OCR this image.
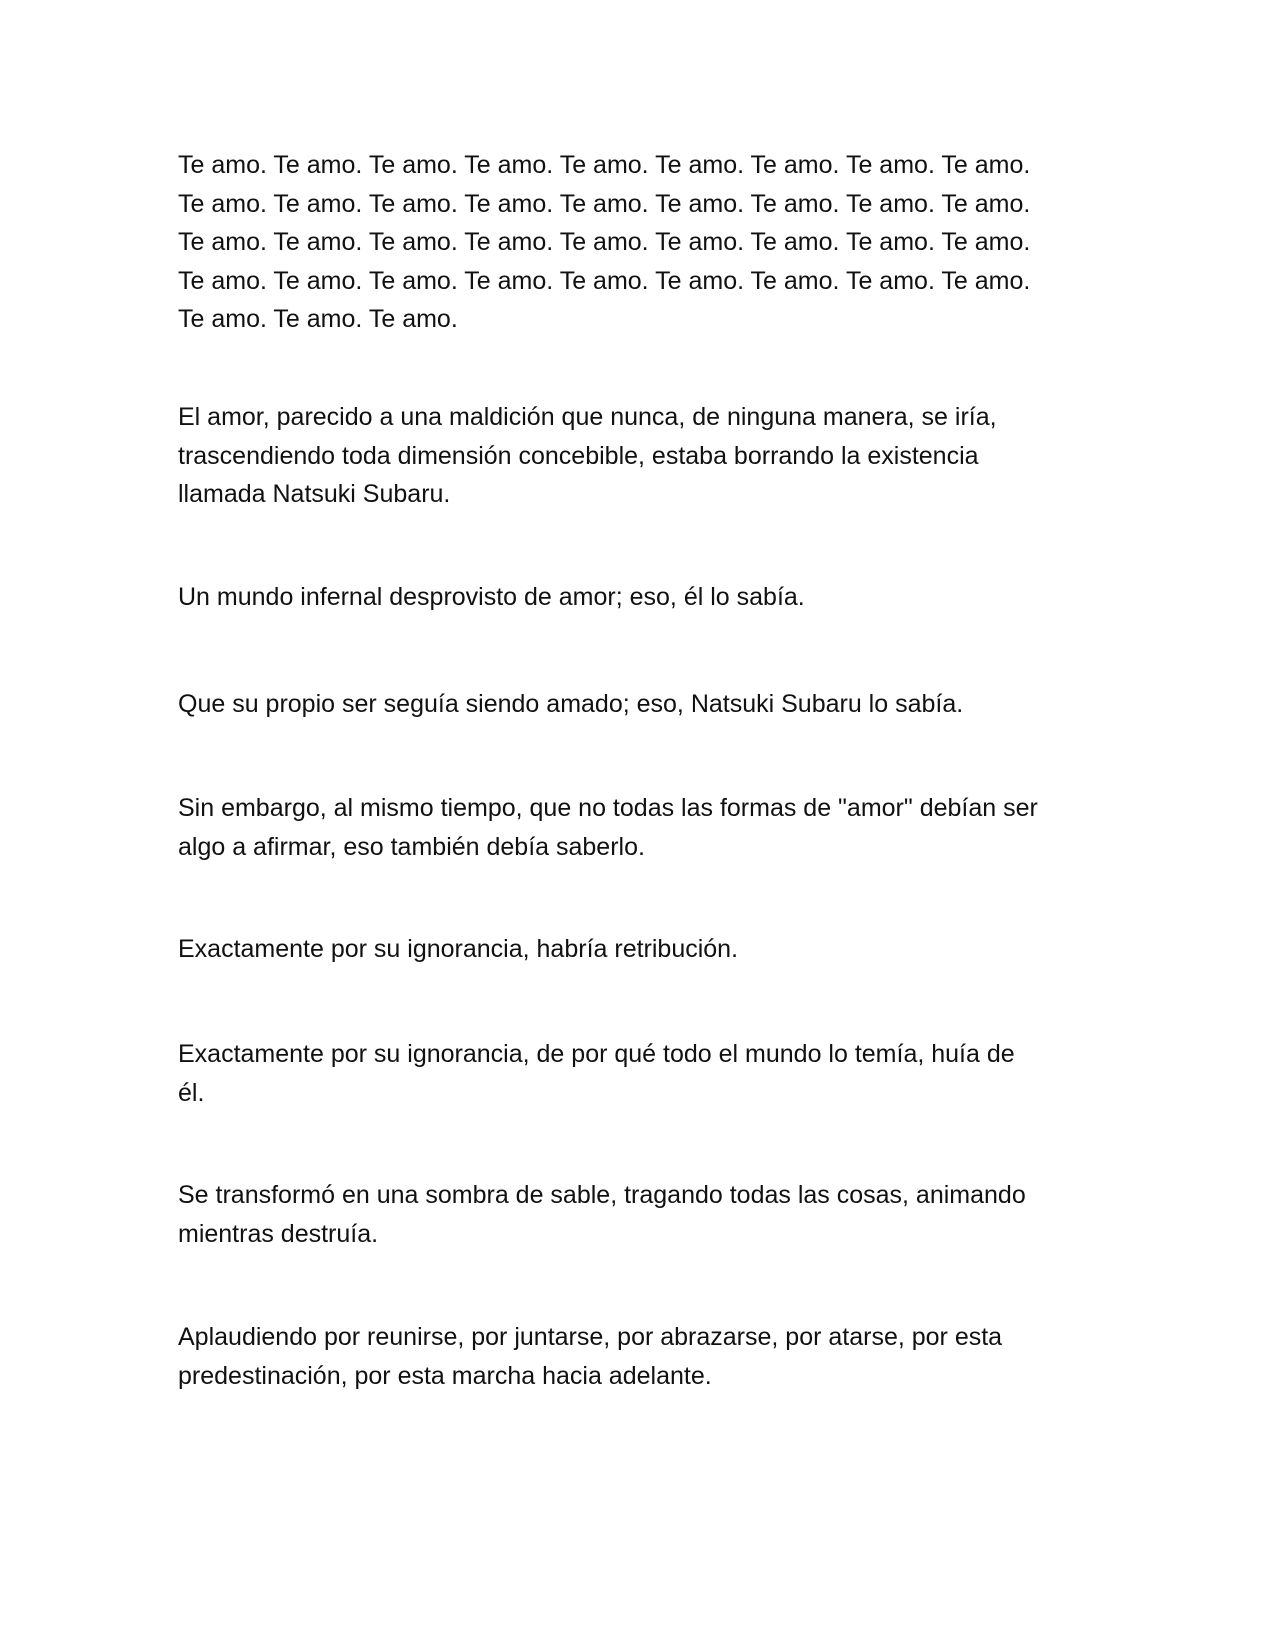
Te amo. Te amo. Te amo. Te amo. Te amo. Te amo. Te amo. Te amo. Te amo.
Te amo. Te amo. Te amo. Te amo. Te amo. Te amo. Te amo. Te amo. Te amo.
Te amo. Te amo. Te amo. Te amo. Te amo. Te amo. Te amo. Te amo. Te amo.
Te amo. Te amo. Te amo. Te amo. Te amo. Te amo. Te amo. Te amo. Te amo.
Te amo. Te amo. Te amo.

El amor, parecido a una maldición que nunca, de ninguna manera, se iría,
trascendiendo toda dimensión concebible, estaba borrando la existencia
llamada Natsuki Subaru.

Un mundo infernal desprovisto de amor; eso, él lo sabía.

Que su propio ser seguía siendo amado; eso, Natsuki Subaru lo sabía.

Sin embargo, al mismo tiempo, que no todas las formas de "amor" debían ser
algo a afirmar, eso también debía saberlo.

Exactamente por su ignorancia, habría retribución.

Exactamente por su ignorancia, de por qué todo el mundo lo temía, huía de
él.

Se transformó en una sombra de sable, tragando todas las cosas, animando
mientras destruía.

Aplaudiendo por reunirse, por juntarse, por abrazarse, por atarse, por esta
predestinación, por esta marcha hacia adelante.
